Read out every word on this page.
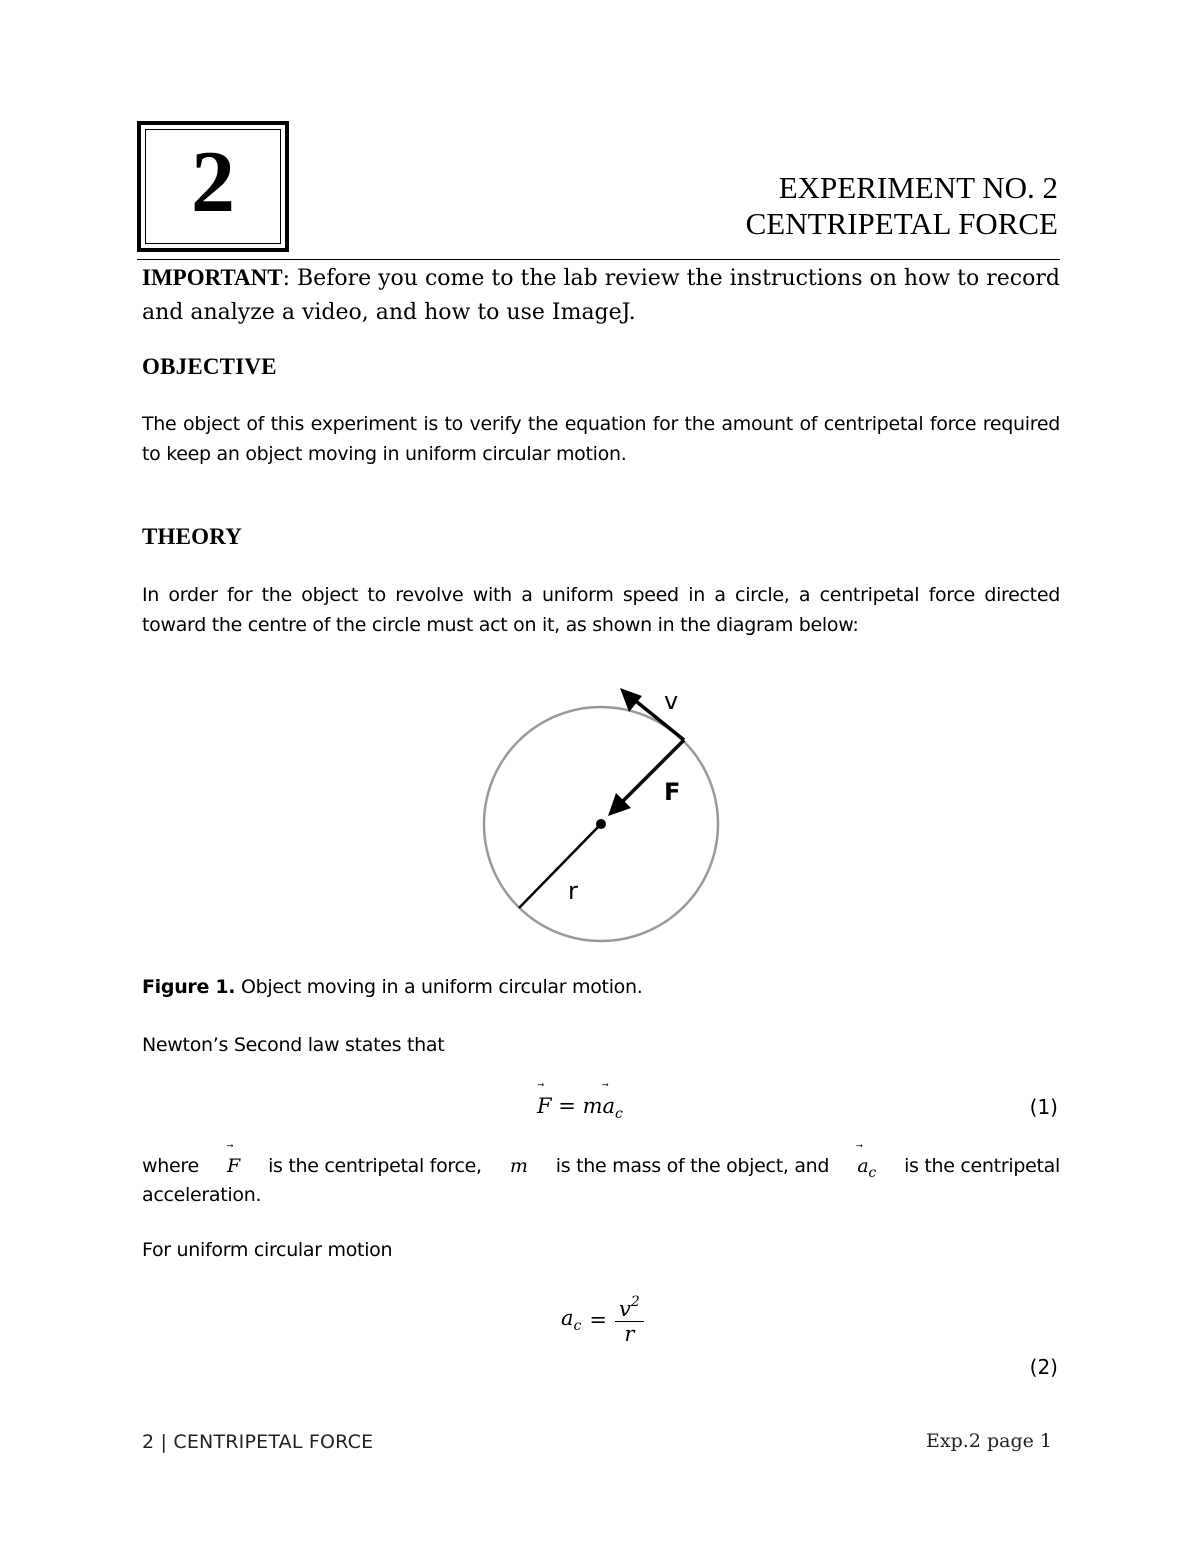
2	EXPERIMENT NO. 2
CENTRIPETAL FORCE
IMPORTANT: Before you come to the lab review the instructions on how to record and analyze a video, and how to use ImageJ.
OBJECTIVE
The object of this experiment is to verify the equation for the amount of centripetal force required to keep an object moving in uniform circular motion.
THEORY
In order for the object to revolve with a uniform speed in a circle, a centripetal force directed toward the centre of the circle must act on it, as shown in the diagram below:
v
F
r
Figure 1. Object moving in a uniform circular motion.
Newton’s Second law states that
F = m
$a_c$	(1)
where F is the centripetal force, m is the mass of the object, and $a_c$ is the centripetal
acceleration.
For uniform circular motion
$a_c = \frac{v^2}{r}$
(2)
2 | CENTRIPETAL FORCE	Exp.2 page 1
